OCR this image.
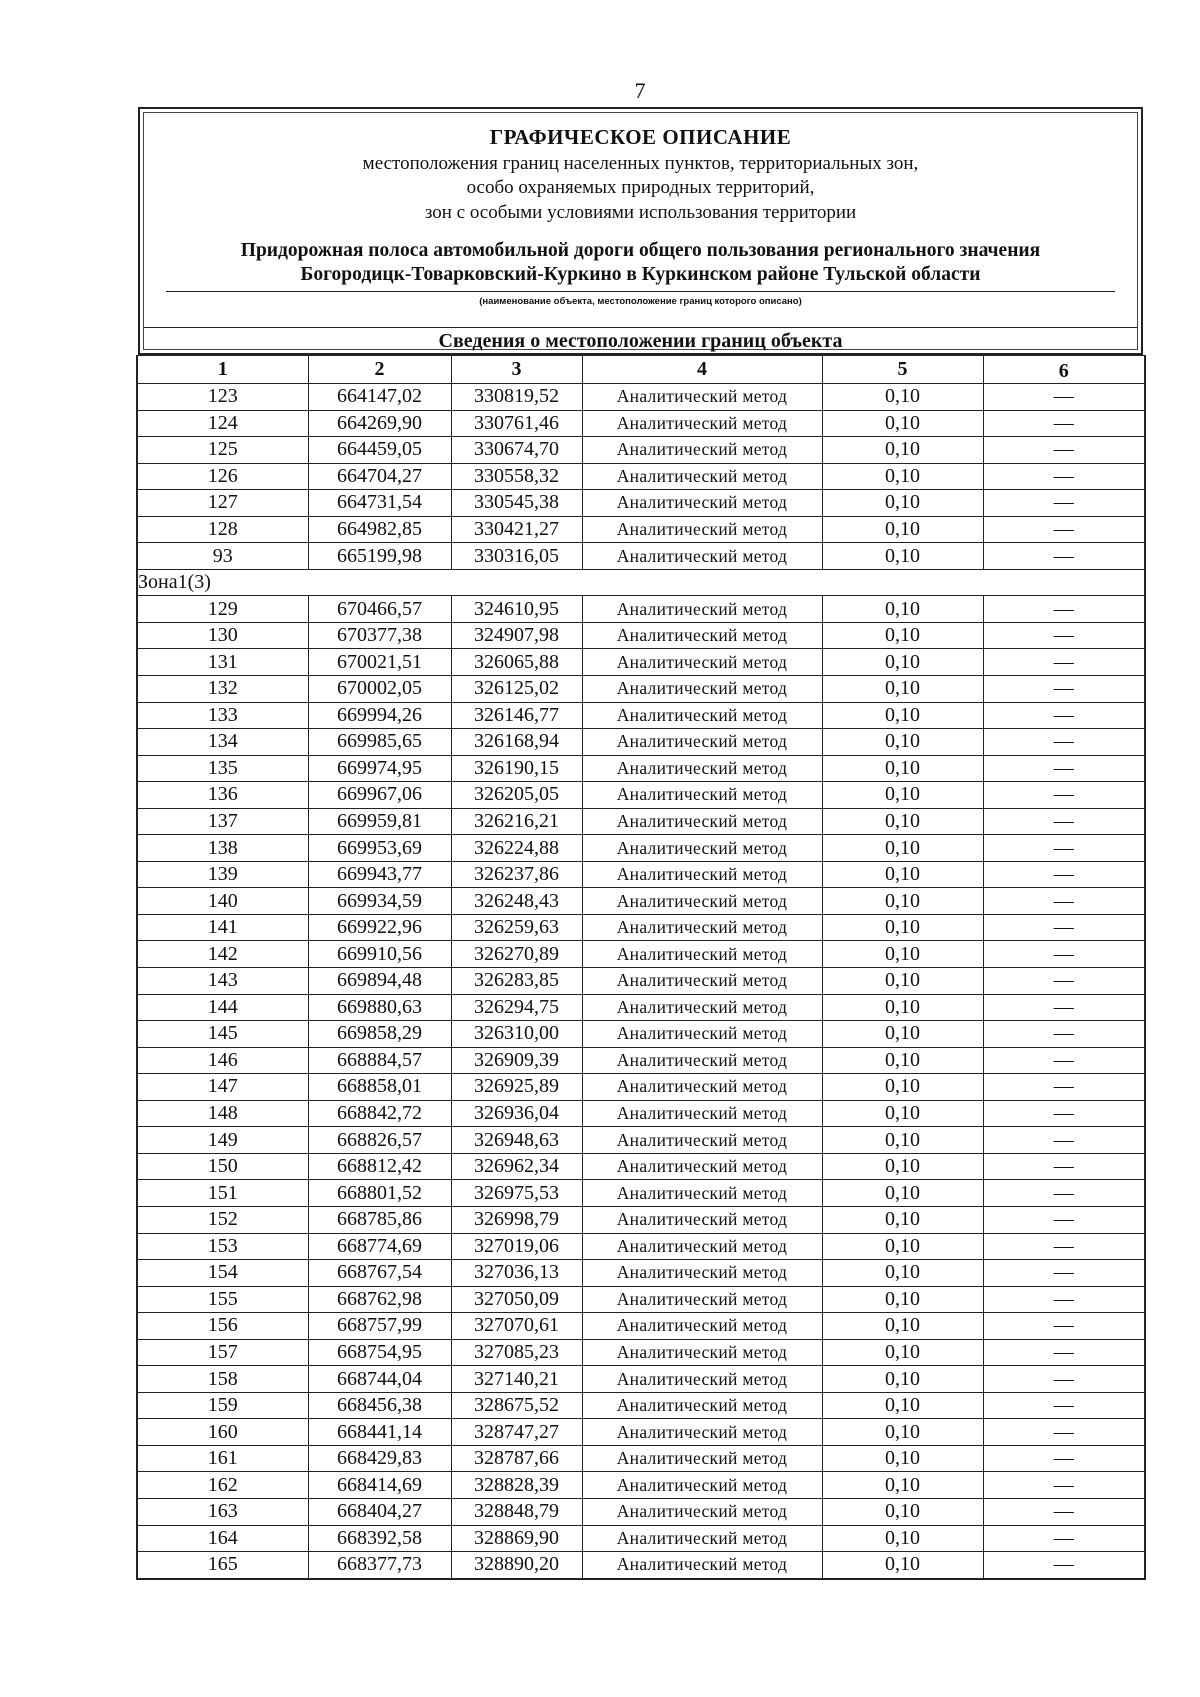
7
ГРАФИЧЕСКОЕ ОПИСАНИЕ
местоположения границ населенных пунктов, территориальных зон,
особо охраняемых природных территорий,
зон с особыми условиями использования территории
Придорожная полоса автомобильной дороги общего пользования регионального значения
Богородицк-Товарковский-Куркино в Куркинском районе Тульской области
(наименование объекта, местоположение границ которого описано)
Сведения о местоположении границ объекта
1	2	3	4	5	6
123	664147,02	330819,52	Аналитический метод	0,10	—
124	664269,90	330761,46	Аналитический метод	0,10	—
125	664459,05	330674,70	Аналитический метод	0,10	—
126	664704,27	330558,32	Аналитический метод	0,10	—
127	664731,54	330545,38	Аналитический метод	0,10	—
128	664982,85	330421,27	Аналитический метод	0,10	—
93	665199,98	330316,05	Аналитический метод	0,10	—
Зона1(3)					
129	670466,57	324610,95	Аналитический метод	0,10	—
130	670377,38	324907,98	Аналитический метод	0,10	—
131	670021,51	326065,88	Аналитический метод	0,10	—
132	670002,05	326125,02	Аналитический метод	0,10	—
133	669994,26	326146,77	Аналитический метод	0,10	—
134	669985,65	326168,94	Аналитический метод	0,10	—
135	669974,95	326190,15	Аналитический метод	0,10	—
136	669967,06	326205,05	Аналитический метод	0,10	—
137	669959,81	326216,21	Аналитический метод	0,10	—
138	669953,69	326224,88	Аналитический метод	0,10	—
139	669943,77	326237,86	Аналитический метод	0,10	—
140	669934,59	326248,43	Аналитический метод	0,10	—
141	669922,96	326259,63	Аналитический метод	0,10	—
142	669910,56	326270,89	Аналитический метод	0,10	—
143	669894,48	326283,85	Аналитический метод	0,10	—
144	669880,63	326294,75	Аналитический метод	0,10	—
145	669858,29	326310,00	Аналитический метод	0,10	—
146	668884,57	326909,39	Аналитический метод	0,10	—
147	668858,01	326925,89	Аналитический метод	0,10	—
148	668842,72	326936,04	Аналитический метод	0,10	—
149	668826,57	326948,63	Аналитический метод	0,10	—
150	668812,42	326962,34	Аналитический метод	0,10	—
151	668801,52	326975,53	Аналитический метод	0,10	—
152	668785,86	326998,79	Аналитический метод	0,10	—
153	668774,69	327019,06	Аналитический метод	0,10	—
154	668767,54	327036,13	Аналитический метод	0,10	—
155	668762,98	327050,09	Аналитический метод	0,10	—
156	668757,99	327070,61	Аналитический метод	0,10	—
157	668754,95	327085,23	Аналитический метод	0,10	—
158	668744,04	327140,21	Аналитический метод	0,10	—
159	668456,38	328675,52	Аналитический метод	0,10	—
160	668441,14	328747,27	Аналитический метод	0,10	—
161	668429,83	328787,66	Аналитический метод	0,10	—
162	668414,69	328828,39	Аналитический метод	0,10	—
163	668404,27	328848,79	Аналитический метод	0,10	—
164	668392,58	328869,90	Аналитический метод	0,10	—
165	668377,73	328890,20	Аналитический метод	0,10	—
